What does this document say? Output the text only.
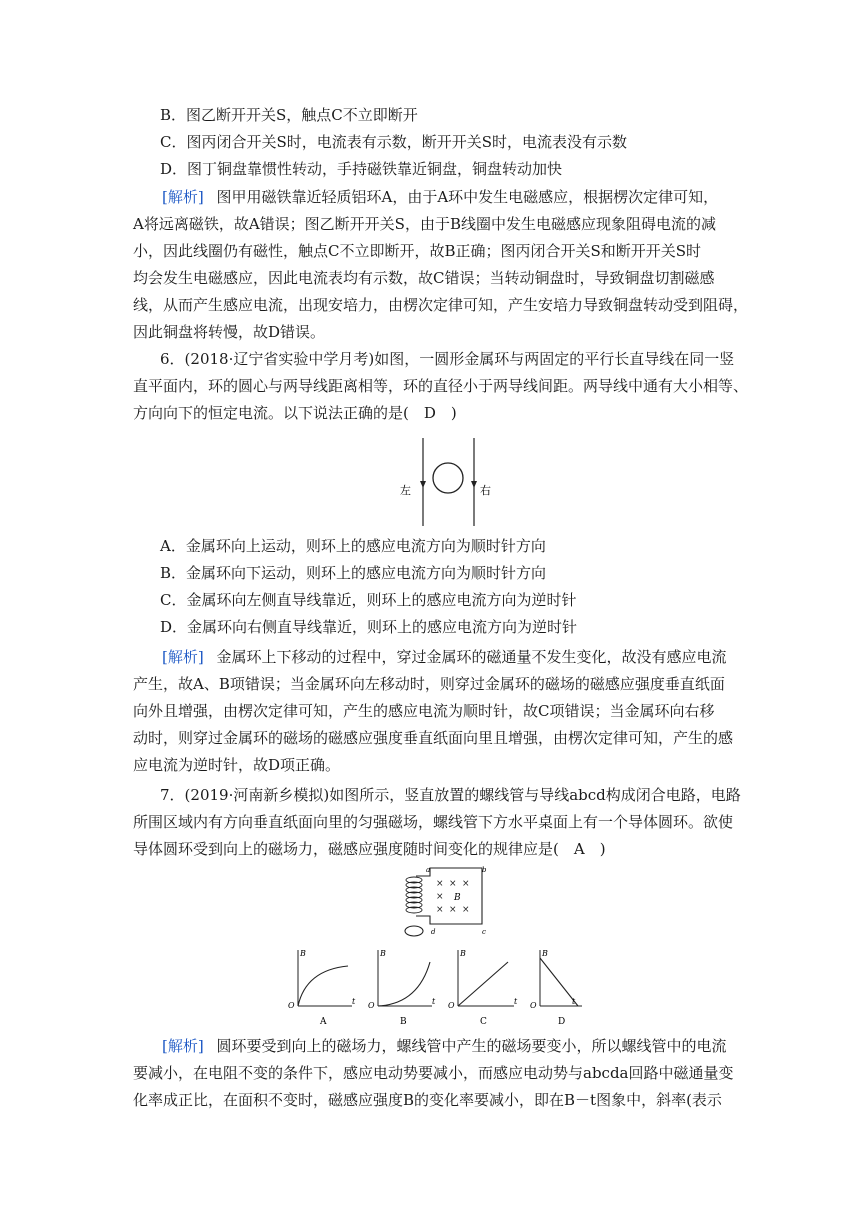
B．图乙断开开关S，触点C不立即断开
C．图丙闭合开关S时，电流表有示数，断开开关S时，电流表没有示数
D．图丁铜盘靠惯性转动，手持磁铁靠近铜盘，铜盘转动加快
[解析] 图甲用磁铁靠近轻质铝环A，由于A环中发生电磁感应，根据楞次定律可知，
A将远离磁铁，故A错误；图乙断开开关S，由于B线圈中发生电磁感应现象阻碍电流的减
小，因此线圈仍有磁性，触点C不立即断开，故B正确；图丙闭合开关S和断开开关S时
均会发生电磁感应，因此电流表均有示数，故C错误；当转动铜盘时，导致铜盘切割磁感
线，从而产生感应电流，出现安培力，由楞次定律可知，产生安培力导致铜盘转动受到阻碍，
因此铜盘将转慢，故D错误。
6．(2018·辽宁省实验中学月考)如图，一圆形金属环与两固定的平行长直导线在同一竖
直平面内，环的圆心与两导线距离相等，环的直径小于两导线间距。两导线中通有大小相等、
方向向下的恒定电流。以下说法正确的是(　D　)
左	右
A．金属环向上运动，则环上的感应电流方向为顺时针方向
B．金属环向下运动，则环上的感应电流方向为顺时针方向
C．金属环向左侧直导线靠近，则环上的感应电流方向为逆时针
D．金属环向右侧直导线靠近，则环上的感应电流方向为逆时针
[解析] 金属环上下移动的过程中，穿过金属环的磁通量不发生变化，故没有感应电流
产生，故A、B项错误；当金属环向左移动时，则穿过金属环的磁场的磁感应强度垂直纸面
向外且增强，由楞次定律可知，产生的感应电流为顺时针，故C项错误；当金属环向右移
动时，则穿过金属环的磁场的磁感应强度垂直纸面向里且增强，由楞次定律可知，产生的感
应电流为逆时针，故D项正确。
7．(2019·河南新乡模拟)如图所示，竖直放置的螺线管与导线abcd构成闭合电路，电路
所围区域内有方向垂直纸面向里的匀强磁场，螺线管下方水平桌面上有一个导体圆环。欲使
导体圆环受到向上的磁场力，磁感应强度随时间变化的规律应是(　A　)
× × ×
× × ×
× B
a	b
c
d
B
t
O
A
B
t
O
B
B
t
O
C
B
t
O
D
[解析] 圆环要受到向上的磁场力，螺线管中产生的磁场要变小，所以螺线管中的电流
要减小，在电阻不变的条件下，感应电动势要减小，而感应电动势与abcda回路中磁通量变
化率成正比，在面积不变时，磁感应强度B的变化率要减小，即在B－t图象中，斜率(表示
